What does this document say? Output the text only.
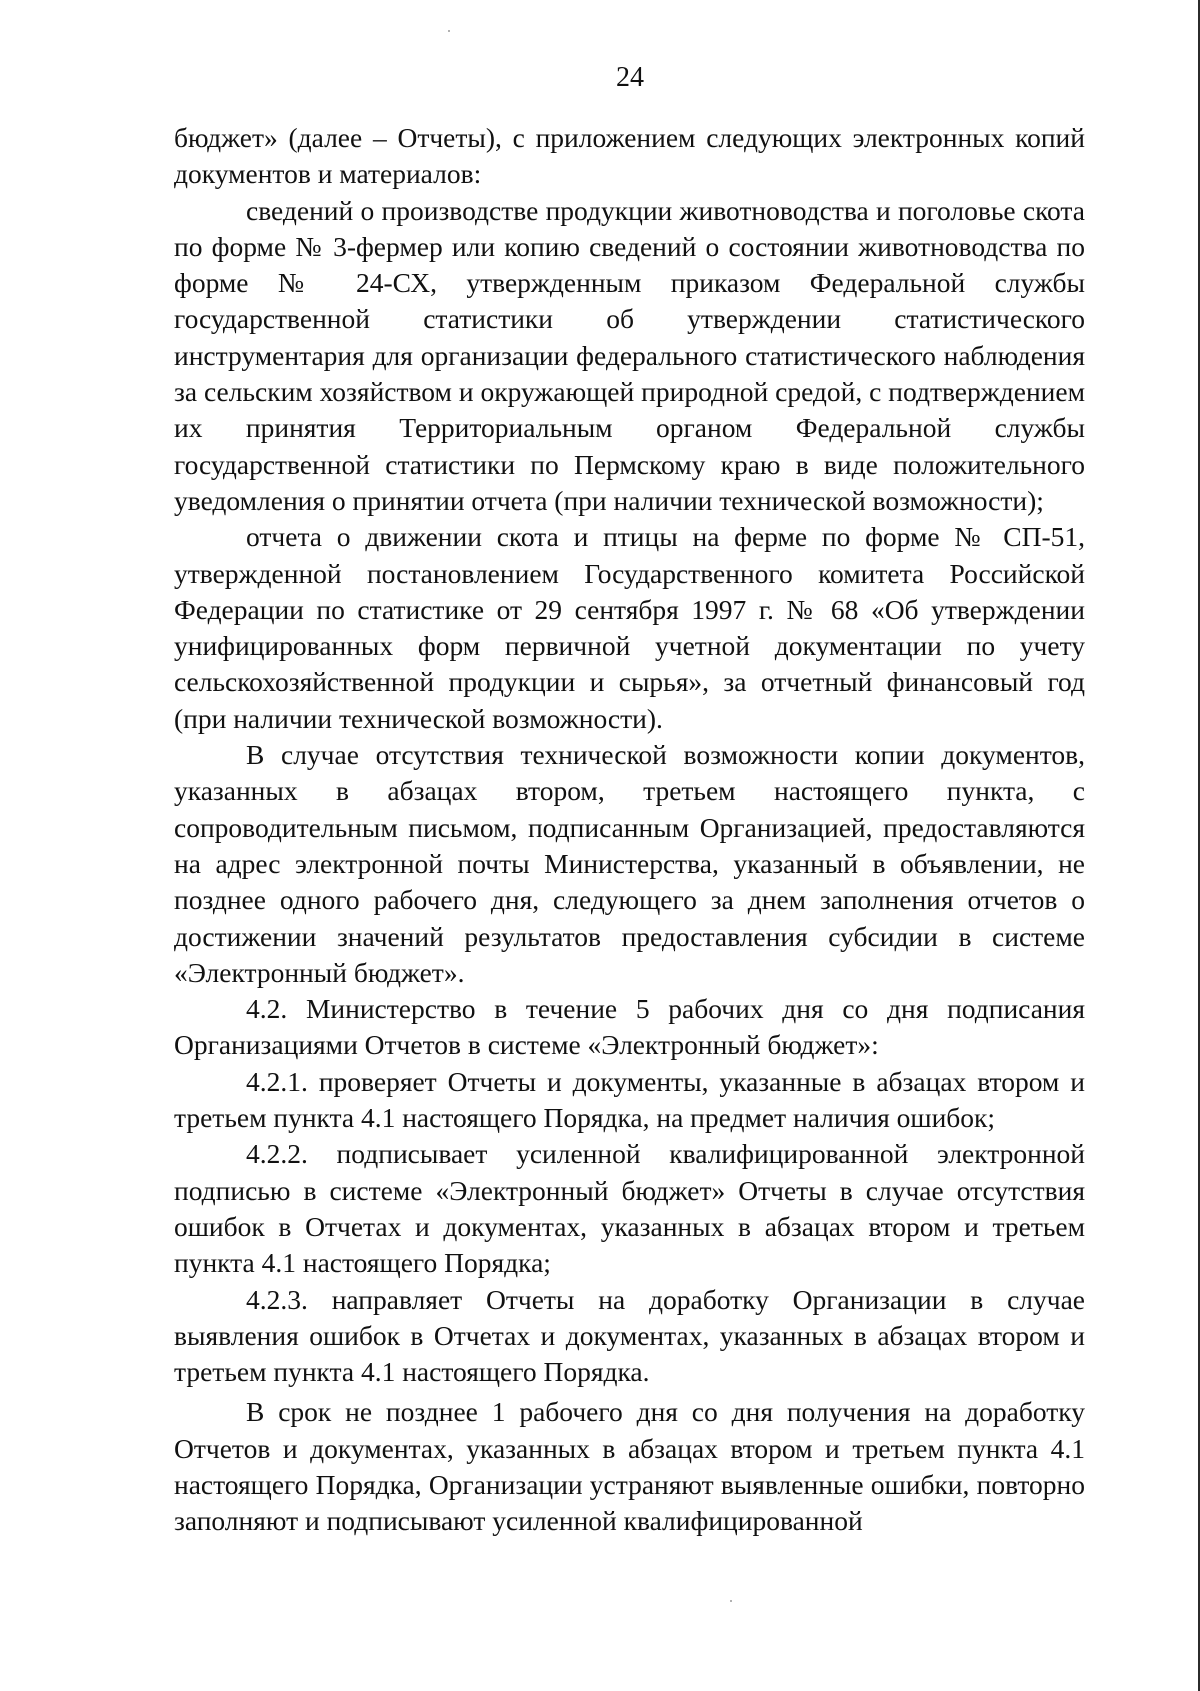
24

бюджет» (далее – Отчеты), с приложением следующих электронных копий документов и материалов:

сведений о производстве продукции животноводства и поголовье скота по форме № 3-фермер или копию сведений о состоянии животноводства по форме № 24-СХ, утвержденным приказом Федеральной службы государственной статистики об утверждении статистического инструментария для организации федерального статистического наблюдения за сельским хозяйством и окружающей природной средой, с подтверждением их принятия Территориальным органом Федеральной службы государственной статистики по Пермскому краю в виде положительного уведомления о принятии отчета (при наличии технической возможности);

отчета о движении скота и птицы на ферме по форме № СП-51, утвержденной постановлением Государственного комитета Российской Федерации по статистике от 29 сентября 1997 г. № 68 «Об утверждении унифицированных форм первичной учетной документации по учету сельскохозяйственной продукции и сырья», за отчетный финансовый год (при наличии технической возможности).

В случае отсутствия технической возможности копии документов, указанных в абзацах втором, третьем настоящего пункта, с сопроводительным письмом, подписанным Организацией, предоставляются на адрес электронной почты Министерства, указанный в объявлении, не позднее одного рабочего дня, следующего за днем заполнения отчетов о достижении значений результатов предоставления субсидии в системе «Электронный бюджет».

4.2. Министерство в течение 5 рабочих дня со дня подписания Организациями Отчетов в системе «Электронный бюджет»:

4.2.1. проверяет Отчеты и документы, указанные в абзацах втором и третьем пункта 4.1 настоящего Порядка, на предмет наличия ошибок;

4.2.2. подписывает усиленной квалифицированной электронной подписью в системе «Электронный бюджет» Отчеты в случае отсутствия ошибок в Отчетах и документах, указанных в абзацах втором и третьем пункта 4.1 настоящего Порядка;

4.2.3. направляет Отчеты на доработку Организации в случае выявления ошибок в Отчетах и документах, указанных в абзацах втором и третьем пункта 4.1 настоящего Порядка.

В срок не позднее 1 рабочего дня со дня получения на доработку Отчетов и документах, указанных в абзацах втором и третьем пункта 4.1 настоящего Порядка, Организации устраняют выявленные ошибки, повторно заполняют и подписывают усиленной квалифицированной
